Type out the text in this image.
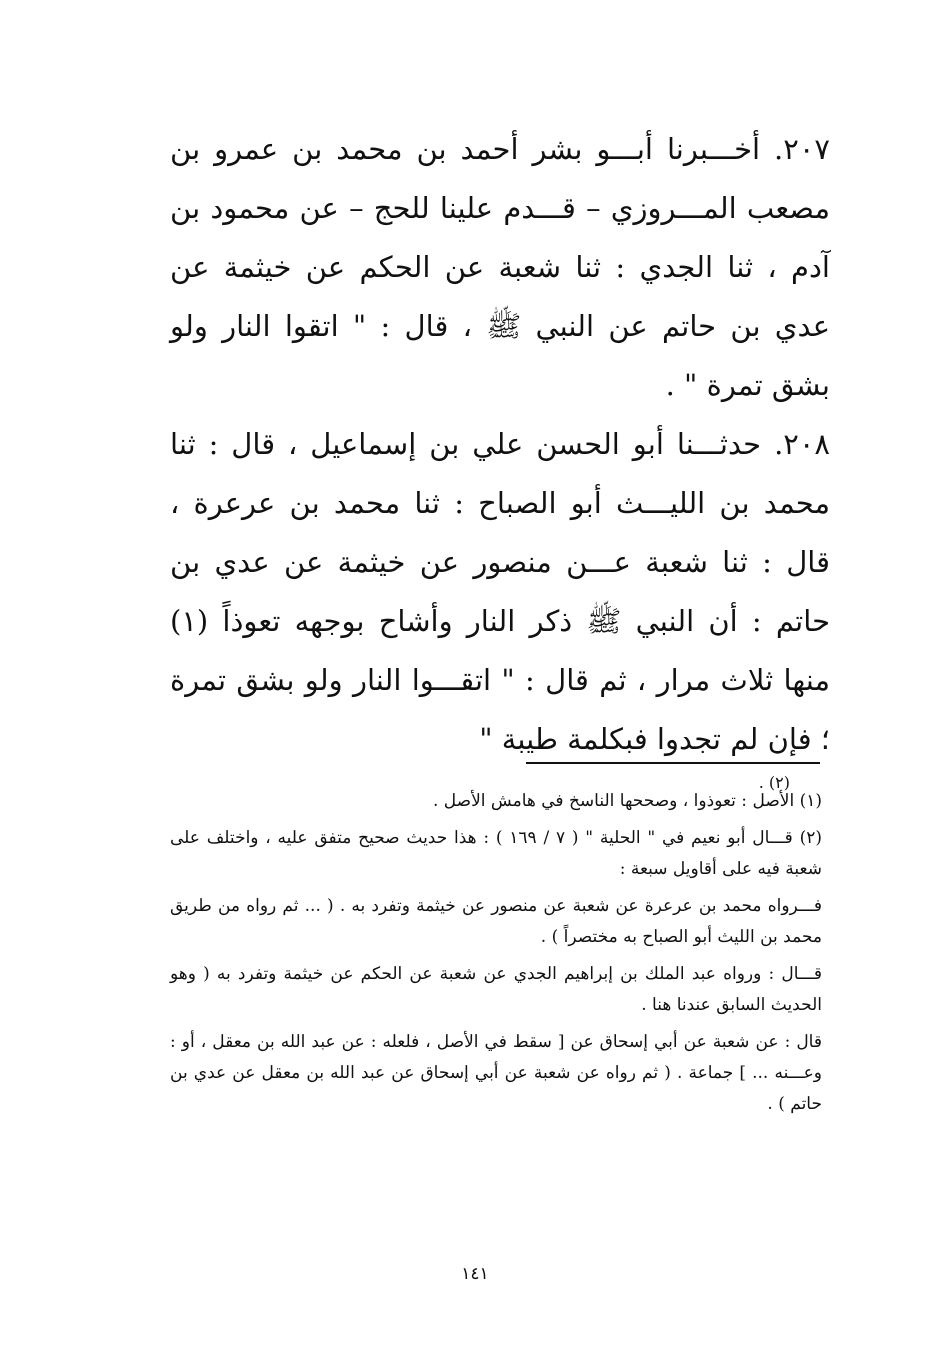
٢٠٧. أخـــبرنا أبـــو بشر أحمد بن محمد بن عمرو بن مصعب المـــروزي – قـــدم علينا للحج – عن محمود بن آدم ، ثنا الجدي : ثنا شعبة عن الحكم عن خيثمة عن عدي بن حاتم عن النبي ﷺ ، قال : " اتقوا النار ولو بشق تمرة " .

٢٠٨. حدثـــنا أبو الحسن علي بن إسماعيل ، قال : ثنا محمد بن الليـــث أبو الصباح : ثنا محمد بن عرعرة ، قال : ثنا شعبة عـــن منصور عن خيثمة عن عدي بن حاتم : أن النبي ﷺ ذكر النار وأشاح بوجهه تعوذاً (١) منها ثلاث مرار ، ثم قال : " اتقـــوا النار ولو بشق تمرة ؛ فإن لم تجدوا فبكلمة طيبة "

(٢) .

(١) الأصل : تعوذوا ، وصححها الناسخ في هامش الأصل .

(٢) قـــال أبو نعيم في " الحلية " ( ٧ / ١٦٩ ) : هذا حديث صحيح متفق عليه ، واختلف على شعبة فيه على أقاويل سبعة :

فـــرواه محمد بن عرعرة عن شعبة عن منصور عن خيثمة وتفرد به . ( ... ثم رواه من طريق محمد بن الليث أبو الصباح به مختصراً ) .

قـــال : ورواه عبد الملك بن إبراهيم الجدي عن شعبة عن الحكم عن خيثمة وتفرد به ( وهو الحديث السابق عندنا هنا .

قال : عن شعبة عن أبي إسحاق عن [ سقط في الأصل ، فلعله : عن عبد الله بن معقل ، أو : وعـــنه ... ] جماعة . ( ثم رواه عن شعبة عن أبي إسحاق عن عبد الله بن معقل عن عدي بن حاتم ) .

١٤١
